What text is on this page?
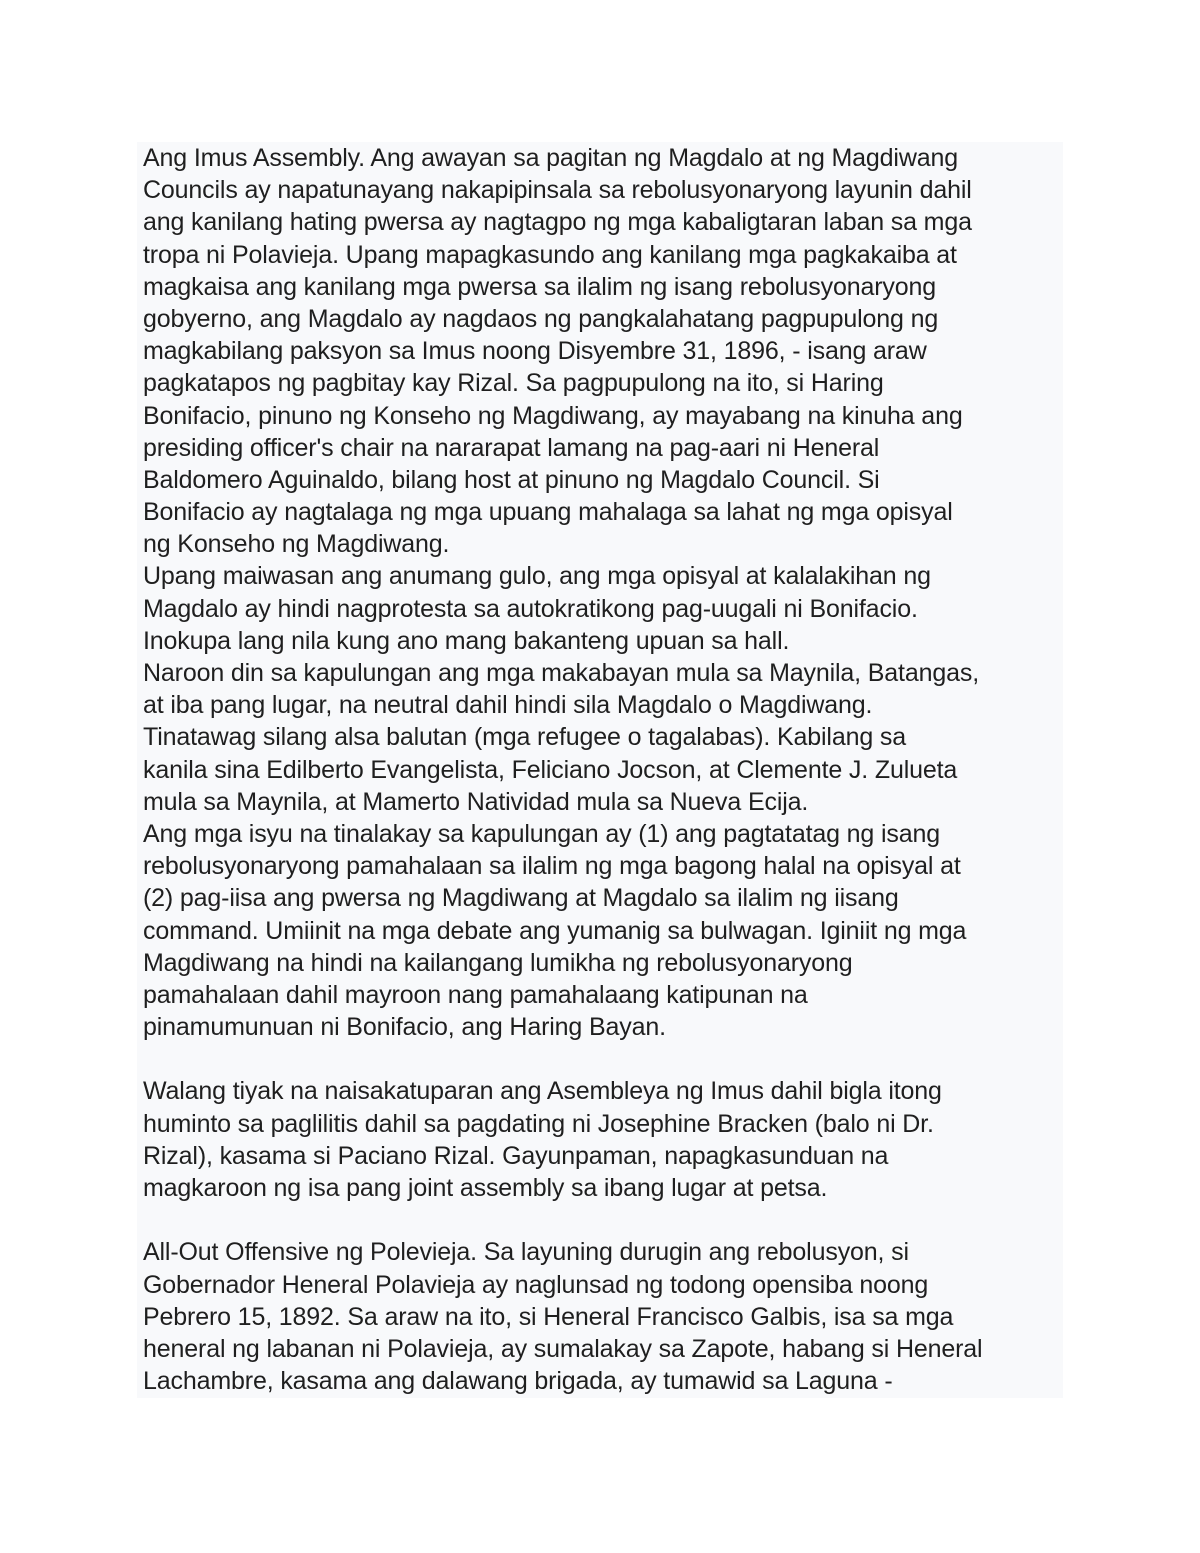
Ang Imus Assembly. Ang awayan sa pagitan ng Magdalo at ng Magdiwang
Councils ay napatunayang nakapipinsala sa rebolusyonaryong layunin dahil
ang kanilang hating pwersa ay nagtagpo ng mga kabaligtaran laban sa mga
tropa ni Polavieja. Upang mapagkasundo ang kanilang mga pagkakaiba at
magkaisa ang kanilang mga pwersa sa ilalim ng isang rebolusyonaryong
gobyerno, ang Magdalo ay nagdaos ng pangkalahatang pagpupulong ng
magkabilang paksyon sa Imus noong Disyembre 31, 1896, - isang araw
pagkatapos ng pagbitay kay Rizal. Sa pagpupulong na ito, si Haring
Bonifacio, pinuno ng Konseho ng Magdiwang, ay mayabang na kinuha ang
presiding officer's chair na nararapat lamang na pag-aari ni Heneral
Baldomero Aguinaldo, bilang host at pinuno ng Magdalo Council. Si
Bonifacio ay nagtalaga ng mga upuang mahalaga sa lahat ng mga opisyal
ng Konseho ng Magdiwang.
Upang maiwasan ang anumang gulo, ang mga opisyal at kalalakihan ng
Magdalo ay hindi nagprotesta sa autokratikong pag-uugali ni Bonifacio.
Inokupa lang nila kung ano mang bakanteng upuan sa hall.
Naroon din sa kapulungan ang mga makabayan mula sa Maynila, Batangas,
at iba pang lugar, na neutral dahil hindi sila Magdalo o Magdiwang.
Tinatawag silang alsa balutan (mga refugee o tagalabas). Kabilang sa
kanila sina Edilberto Evangelista, Feliciano Jocson, at Clemente J. Zulueta
mula sa Maynila, at Mamerto Natividad mula sa Nueva Ecija.
Ang mga isyu na tinalakay sa kapulungan ay (1) ang pagtatatag ng isang
rebolusyonaryong pamahalaan sa ilalim ng mga bagong halal na opisyal at
(2) pag-iisa ang pwersa ng Magdiwang at Magdalo sa ilalim ng iisang
command. Umiinit na mga debate ang yumanig sa bulwagan. Iginiit ng mga
Magdiwang na hindi na kailangang lumikha ng rebolusyonaryong
pamahalaan dahil mayroon nang pamahalaang katipunan na
pinamumunuan ni Bonifacio, ang Haring Bayan.
Walang tiyak na naisakatuparan ang Asembleya ng Imus dahil bigla itong
huminto sa paglilitis dahil sa pagdating ni Josephine Bracken (balo ni Dr.
Rizal), kasama si Paciano Rizal. Gayunpaman, napagkasunduan na
magkaroon ng isa pang joint assembly sa ibang lugar at petsa.
All-Out Offensive ng Polevieja. Sa layuning durugin ang rebolusyon, si
Gobernador Heneral Polavieja ay naglunsad ng todong opensiba noong
Pebrero 15, 1892. Sa araw na ito, si Heneral Francisco Galbis, isa sa mga
heneral ng labanan ni Polavieja, ay sumalakay sa Zapote, habang si Heneral
Lachambre, kasama ang dalawang brigada, ay tumawid sa Laguna -
